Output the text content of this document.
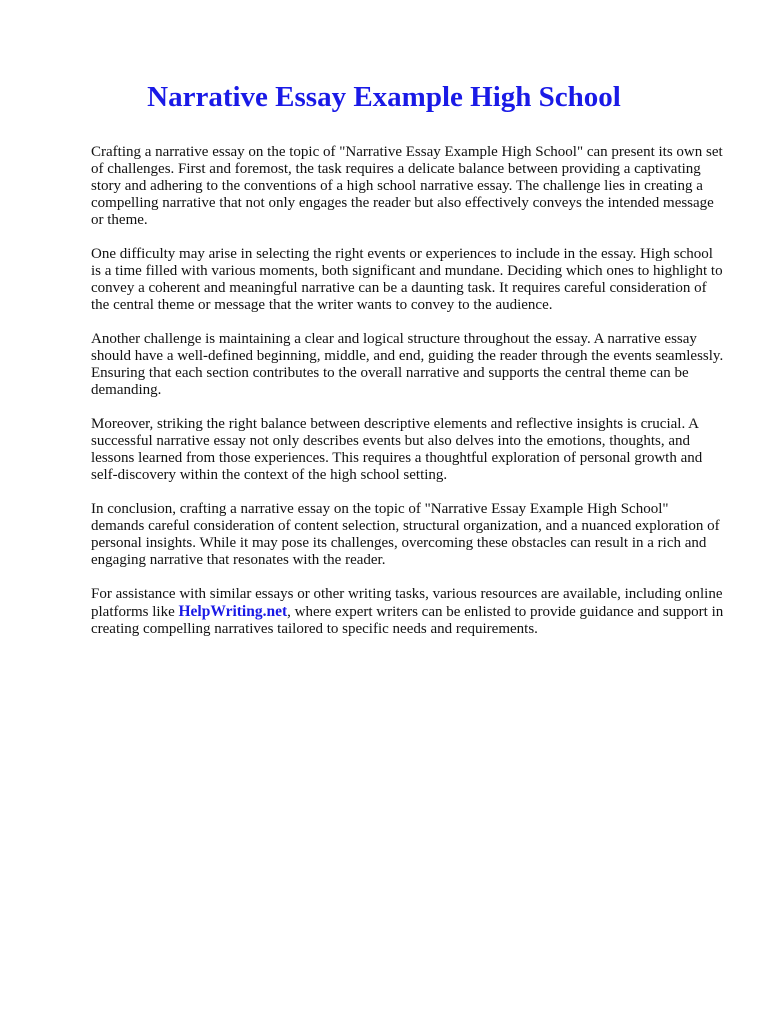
Narrative Essay Example High School

Crafting a narrative essay on the topic of "Narrative Essay Example High School" can present its own set of challenges. First and foremost, the task requires a delicate balance between providing a captivating story and adhering to the conventions of a high school narrative essay. The challenge lies in creating a compelling narrative that not only engages the reader but also effectively conveys the intended message or theme.

One difficulty may arise in selecting the right events or experiences to include in the essay. High school is a time filled with various moments, both significant and mundane. Deciding which ones to highlight to convey a coherent and meaningful narrative can be a daunting task. It requires careful consideration of the central theme or message that the writer wants to convey to the audience.

Another challenge is maintaining a clear and logical structure throughout the essay. A narrative essay should have a well-defined beginning, middle, and end, guiding the reader through the events seamlessly. Ensuring that each section contributes to the overall narrative and supports the central theme can be demanding.

Moreover, striking the right balance between descriptive elements and reflective insights is crucial. A successful narrative essay not only describes events but also delves into the emotions, thoughts, and lessons learned from those experiences. This requires a thoughtful exploration of personal growth and self-discovery within the context of the high school setting.

In conclusion, crafting a narrative essay on the topic of "Narrative Essay Example High School" demands careful consideration of content selection, structural organization, and a nuanced exploration of personal insights. While it may pose its challenges, overcoming these obstacles can result in a rich and engaging narrative that resonates with the reader.

For assistance with similar essays or other writing tasks, various resources are available, including online platforms like HelpWriting.net, where expert writers can be enlisted to provide guidance and support in creating compelling narratives tailored to specific needs and requirements.
